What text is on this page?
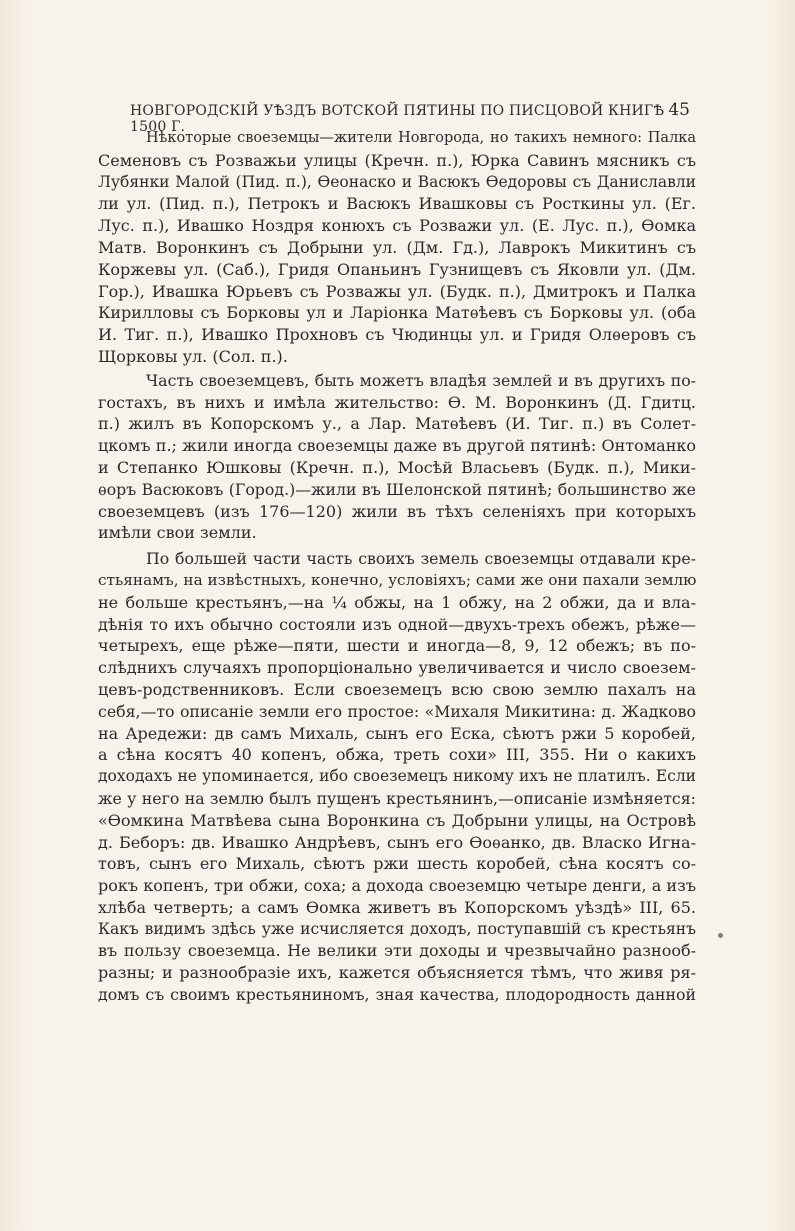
НОВГОРОДСКІЙ УѢЗДЪ ВОТСКОЙ ПЯТИНЫ ПО ПИСЦОВОЙ КНИГѢ 1500 Г.
45
Нѣкоторые своеземцы—жители Новгорода, но такихъ немного: Палка
Семеновъ съ Розважьи улицы (Кречн. п.), Юрка Савинъ мясникъ съ
Лубянки Малой (Пид. п.), Ѳеонаско и Васюкъ Ѳедоровы съ Даниславли
ли ул. (Пид. п.), Петрокъ и Васюкъ Ивашковы съ Росткины ул. (Ег.
Лус. п.), Ивашко Ноздря конюхъ съ Розважи ул. (Е. Лус. п.), Ѳомка
Матв. Воронкинъ съ Добрыни ул. (Дм. Гд.), Лаврокъ Микитинъ съ
Коржевы ул. (Саб.), Гридя Опаньинъ Гузнищевъ съ Яковли ул. (Дм.
Гор.), Ивашка Юрьевъ съ Розважы ул. (Будк. п.), Дмитрокъ и Палка
Кирилловы съ Борковы ул и Ларіонка Матѳѣевъ съ Борковы ул. (оба
И. Тиг. п.), Ивашко Прохновъ съ Чюдинцы ул. и Гридя Олѳеровъ съ
Щорковы ул. (Сол. п.).
Часть своеземцевъ, быть можетъ владѣя землей и въ другихъ по-
гостахъ, въ нихъ и имѣла жительство: Ѳ. М. Воронкинъ (Д. Гдитц.
п.) жилъ въ Копорскомъ у., а Лар. Матѳѣевъ (И. Тиг. п.) въ Солет-
цкомъ п.; жили иногда своеземцы даже въ другой пятинѣ: Онтоманко
и Степанко Юшковы (Кречн. п.), Мосѣй Власьевъ (Будк. п.), Мики-
ѳоръ Васюковъ (Город.)—жили въ Шелонской пятинѣ; большинство же
своеземцевъ (изъ 176—120) жили въ тѣхъ селеніяхъ при которыхъ
имѣли свои земли.
По большей части часть своихъ земель своеземцы отдавали кре-
стьянамъ, на извѣстныхъ, конечно, условіяхъ; сами же они пахали землю
не больше крестьянъ,—на ¼ обжы, на 1 обжу, на 2 обжи, да и вла-
дѣнія то ихъ обычно состояли изъ одной—двухъ-трехъ обежъ, рѣже—
четырехъ, еще рѣже—пяти, шести и иногда—8, 9, 12 обежъ; въ по-
слѣднихъ случаяхъ пропорціонально увеличивается и число своезем-
цевъ-родственниковъ. Если своеземецъ всю свою землю пахалъ на
себя,—то описаніе земли его простое: «Михаля Микитина: д. Жадково
на Аредежи: дв самъ Михаль, сынъ его Еска, сѣютъ ржи 5 коробей,
а сѣна косятъ 40 копенъ, обжа, треть сохи» III, 355. Ни о какихъ
доходахъ не упоминается, ибо своеземецъ никому ихъ не платилъ. Если
же у него на землю былъ пущенъ крестьянинъ,—описаніе измѣняется:
«Ѳомкина Матвѣева сына Воронкина съ Добрыни улицы, на Островѣ
д. Беборъ: дв. Ивашко Андрѣевъ, сынъ его Ѳоѳанко, дв. Влaско Игна-
товъ, сынъ его Михаль, сѣютъ ржи шесть коробей, сѣна косятъ со-
рокъ копенъ, три обжи, соха; а дохода своеземцю четыре денги, а изъ
хлѣба четверть; а самъ Ѳомка живетъ въ Копорскомъ уѣздѣ» III, 65.
Какъ видимъ здѣсь уже исчисляется доходъ, поступавшій съ крестьянъ
въ пользу своеземца. Не велики эти доходы и чрезвычайно разнооб-
разны; и разнообразіе ихъ, кажется объясняется тѣмъ, что живя ря-
домъ съ своимъ крестьяниномъ, зная качества, плодородность данной
